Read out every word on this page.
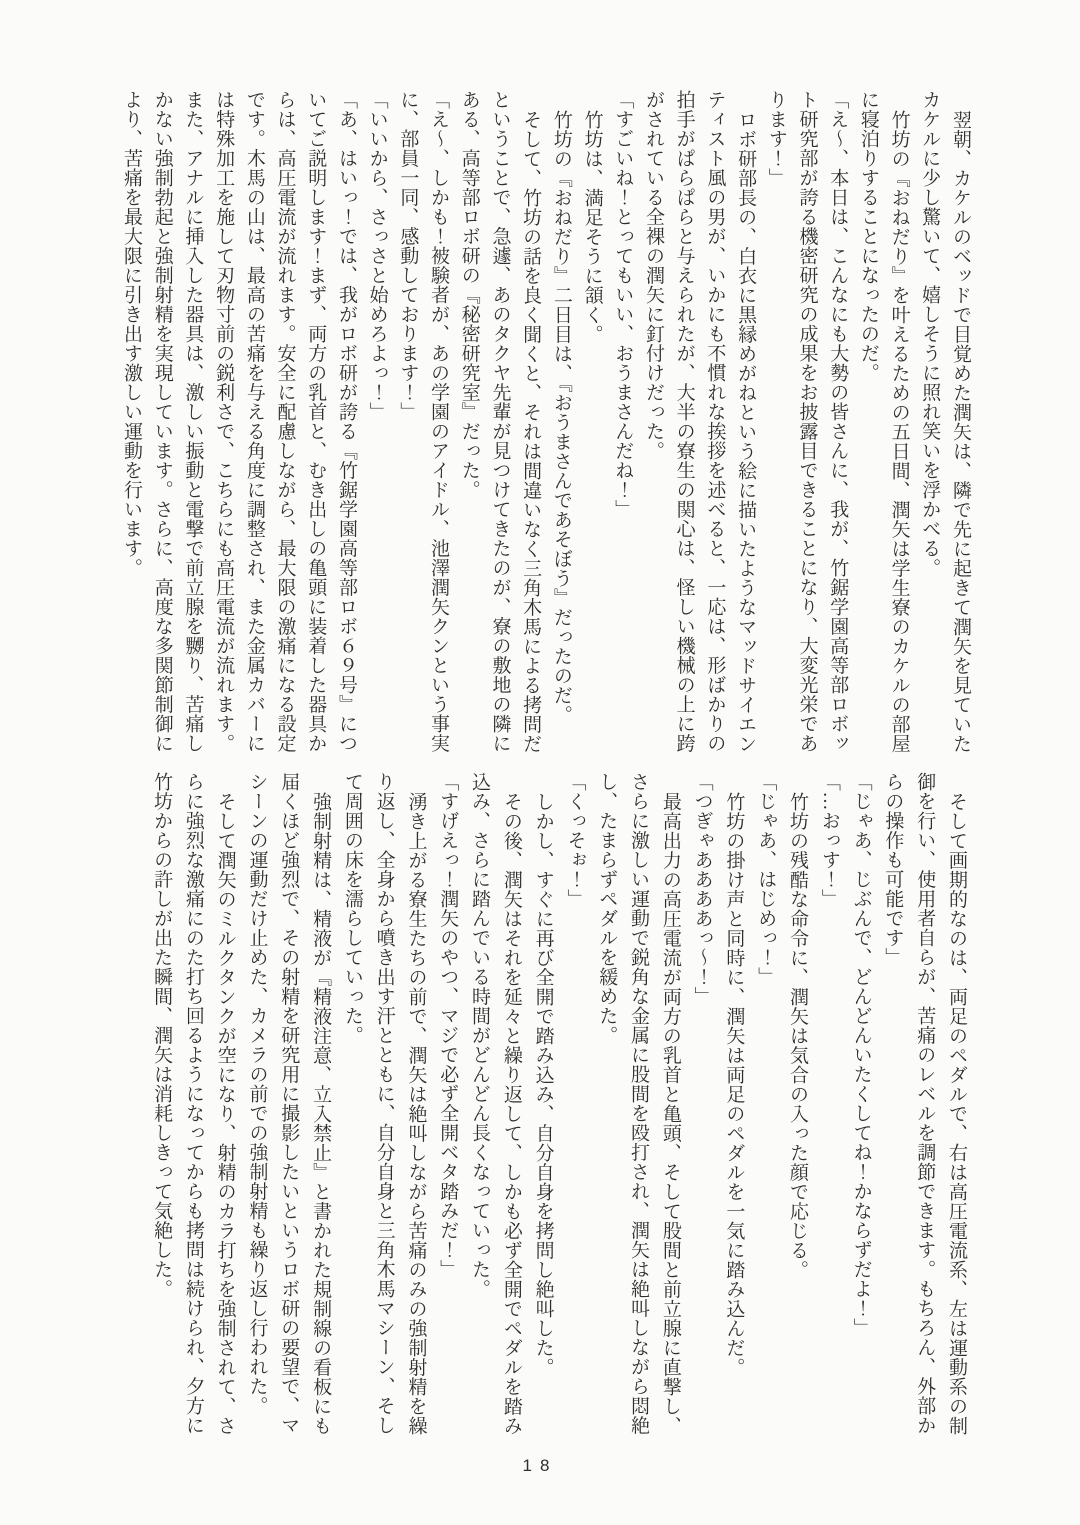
翌朝、カケルのベッドで目覚めた潤矢は、隣で先に起きて潤矢を見ていた
カケルに少し驚いて、嬉しそうに照れ笑いを浮かべる。
竹坊の『おねだり』を叶えるための五日間、潤矢は学生寮のカケルの部屋
に寝泊りすることになったのだ。
「え〜、本日は、こんなにも大勢の皆さんに、我が、竹鋸学園高等部ロボッ
ト研究部が誇る機密研究の成果をお披露目できることになり、大変光栄であ
ります！」
ロボ研部長の、白衣に黒縁めがねという絵に描いたようなマッドサイエン
ティスト風の男が、いかにも不慣れな挨拶を述べると、一応は、形ばかりの
拍手がぱらぱらと与えられたが、大半の寮生の関心は、怪しい機械の上に跨
がされている全裸の潤矢に釘付けだった。
「すごいね！とってもいい、おうまさんだね！」
竹坊は、満足そうに頷く。
竹坊の『おねだり』二日目は、『おうまさんであそぼう』だったのだ。
そして、竹坊の話を良く聞くと、それは間違いなく三角木馬による拷問だ
ということで、急遽、あのタクヤ先輩が見つけてきたのが、寮の敷地の隣に
ある、高等部ロボ研の『秘密研究室』だった。
「え〜、しかも！被験者が、あの学園のアイドル、池澤潤矢クンという事実
に、部員一同、感動しております！」
「いいから、さっさと始めろよっ！」
「あ、はいっ！では、我がロボ研が誇る『竹鋸学園高等部ロボ６９号』につ
いてご説明します！まず、両方の乳首と、むき出しの亀頭に装着した器具か
らは、高圧電流が流れます。安全に配慮しながら、最大限の激痛になる設定
です。木馬の山は、最高の苦痛を与える角度に調整され、また金属カバーに
は特殊加工を施して刃物寸前の鋭利さで、こちらにも高圧電流が流れます。
また、アナルに挿入した器具は、激しい振動と電撃で前立腺を嬲り、苦痛し
かない強制勃起と強制射精を実現しています。さらに、高度な多関節制御に
より、苦痛を最大限に引き出す激しい運動を行います。
そして画期的なのは、両足のペダルで、右は高圧電流系、左は運動系の制
御を行い、使用者自らが、苦痛のレベルを調節できます。もちろん、外部か
らの操作も可能です」
「じゃあ、じぶんで、どんどんいたくしてね！かならずだよ！」
「…おっす！」
竹坊の残酷な命令に、潤矢は気合の入った顔で応じる。
「じゃあ、はじめっ！」
竹坊の掛け声と同時に、潤矢は両足のペダルを一気に踏み込んだ。
「つぎゃああああっ〜！」
最高出力の高圧電流が両方の乳首と亀頭、そして股間と前立腺に直撃し、
さらに激しい運動で鋭角な金属に股間を殴打され、潤矢は絶叫しながら悶絶
し、たまらずペダルを緩めた。
「くっそぉ！」
しかし、すぐに再び全開で踏み込み、自分自身を拷問し絶叫した。
その後、潤矢はそれを延々と繰り返して、しかも必ず全開でペダルを踏み
込み、さらに踏んでいる時間がどんどん長くなっていった。
「すげえっ！潤矢のやつ、マジで必ず全開ベタ踏みだ！」
湧き上がる寮生たちの前で、潤矢は絶叫しながら苦痛のみの強制射精を繰
り返し、全身から噴き出す汗とともに、自分自身と三角木馬マシーン、そし
て周囲の床を濡らしていった。
強制射精は、精液が『精液注意、立入禁止』と書かれた規制線の看板にも
届くほど強烈で、その射精を研究用に撮影したいというロボ研の要望で、マ
シーンの運動だけ止めた、カメラの前での強制射精も繰り返し行われた。
そして潤矢のミルクタンクが空になり、射精のカラ打ちを強制されて、さ
らに強烈な激痛にのた打ち回るようになってからも拷問は続けられ、夕方に
竹坊からの許しが出た瞬間、潤矢は消耗しきって気絶した。
18
